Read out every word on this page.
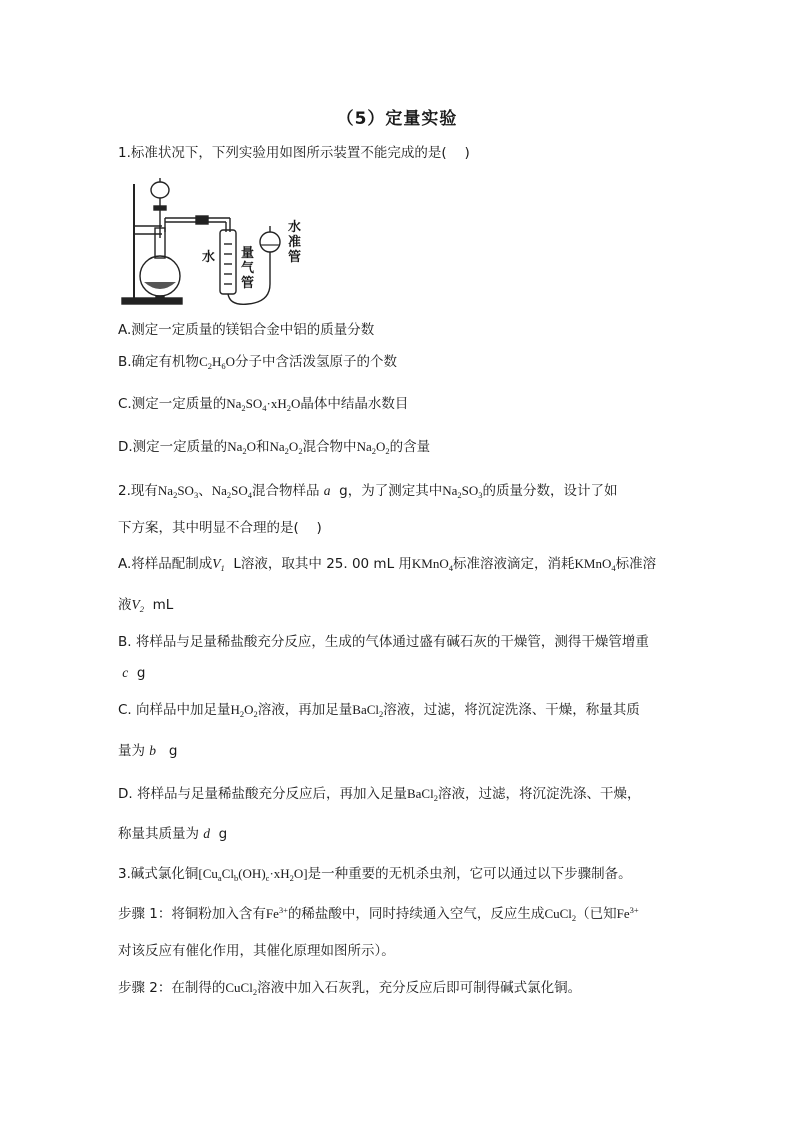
（5）定量实验
1.标准状况下，下列实验用如图所示装置不能完成的是(　 )
水 量气管
水准管
A.测定一定质量的镁铝合金中铝的质量分数
B.确定有机物$C_2H_6O$分子中含活泼氢原子的个数
C.测定一定质量的$Na_2SO_4\cdot xH_2O$晶体中结晶水数目
D.测定一定质量的$Na_2O$和$Na_2O_2$混合物中$Na_2O_2$的含量
2.现有$Na_2SO_3$、$Na_2SO_4$混合物样品 a g，为了测定其中$Na_2SO_3$的质量分数，设计了如
下方案，其中明显不合理的是(　 )
A.将样品配制成$V_1$ L溶液，取其中 25. 00 mL 用KMnO$_4$标准溶液滴定，消耗KMnO$_4$标准溶
液$V_2$ mL
B. 将样品与足量稀盐酸充分反应，生成的气体通过盛有碱石灰的干燥管，测得干燥管增重
c g
C. 向样品中加足量$H_2O_2$溶液，再加足量BaCl$_2$溶液，过滤，将沉淀洗涤、干燥，称量其质
量为 b g
D. 将样品与足量稀盐酸充分反应后，再加入足量BaCl$_2$溶液，过滤，将沉淀洗涤、干燥，
称量其质量为 d g
3.碱式氯化铜$[Cu_aCl_b(OH)_c\cdot xH_2O]$是一种重要的无机杀虫剂，它可以通过以下步骤制备。
步骤 1：将铜粉加入含有$Fe^{3+}$的稀盐酸中，同时持续通入空气，反应生成CuCl$_2$（已知$Fe^{3+}$
对该反应有催化作用，其催化原理如图所示）。
步骤 2：在制得的CuCl$_2$溶液中加入石灰乳，充分反应后即可制得碱式氯化铜。
